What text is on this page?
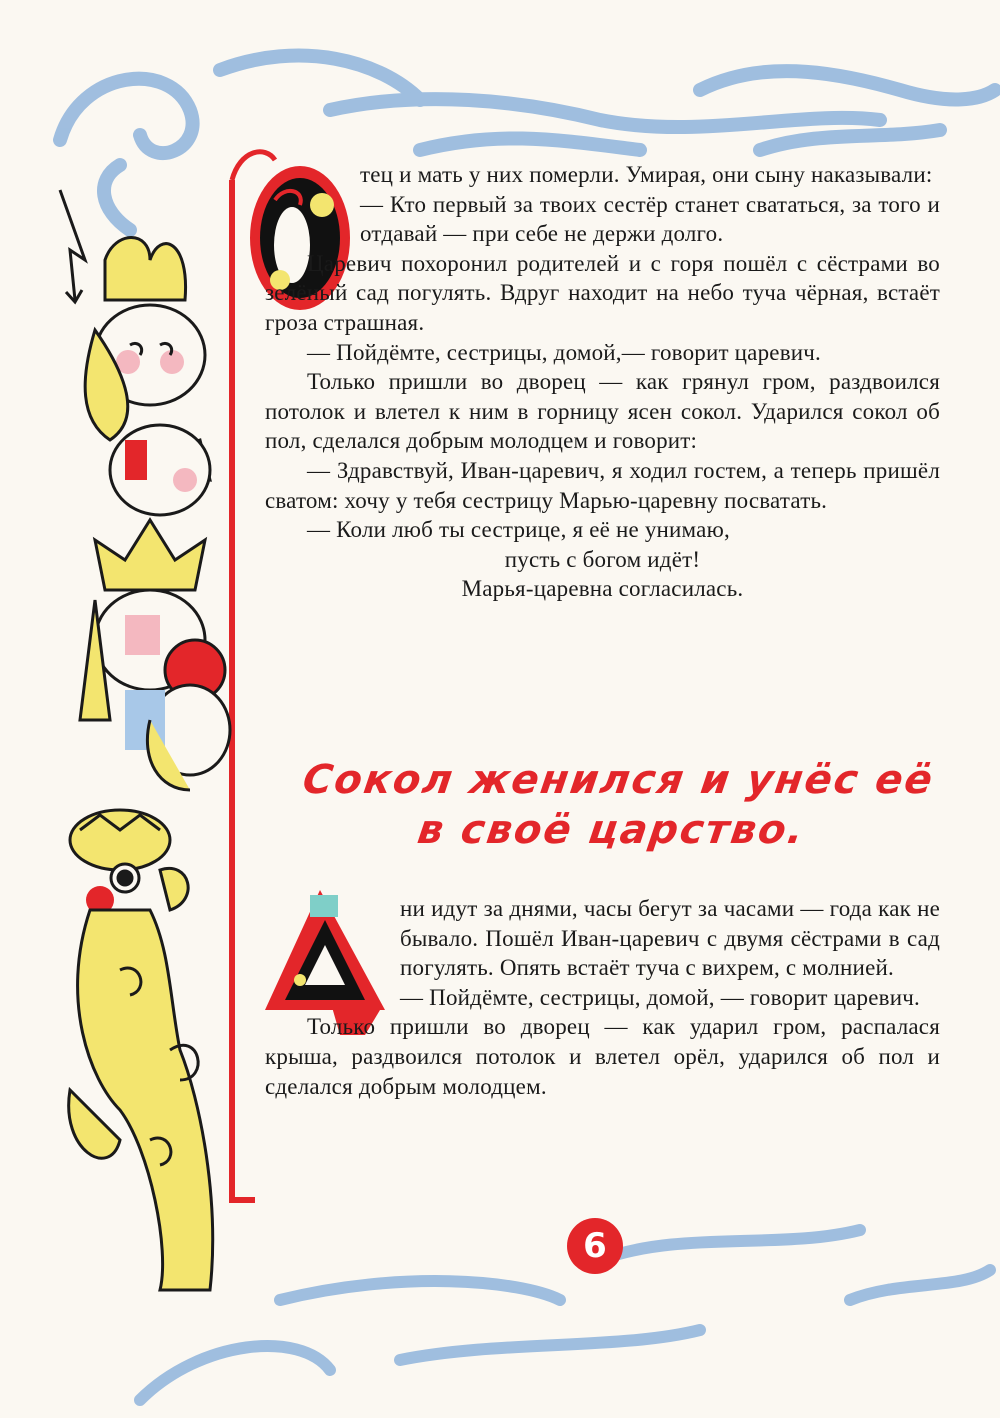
тец и мать у них померли. Умирая, они сыну наказывали:

— Кто первый за твоих сестёр станет свататься, за того и отдавай — при себе не держи долго.

Царевич похоронил родителей и с горя пошёл с сёстрами во зелёный сад погулять. Вдруг находит на небо туча чёрная, встаёт гроза страшная.

— Пойдёмте, сестрицы, домой,— говорит царевич.

Только пришли во дворец — как грянул гром, раздвоился потолок и влетел к ним в горницу ясен сокол. Ударился сокол об пол, сделался добрым молодцем и говорит:

— Здравствуй, Иван-царевич, я ходил гостем, а теперь пришёл сватом: хочу у тебя сестрицу Марью-царевну посватать.

— Коли люб ты сестрице, я её не унимаю,

пусть с богом идёт!

Марья-царевна согласилась.

Сокол женился и унёс её
в своё царство.

ни идут за днями, часы бегут за часами — года как не бывало. Пошёл Иван-царевич с двумя сёстрами в сад погулять. Опять встаёт туча с вихрем, с молнией.

— Пойдёмте, сестрицы, домой, — говорит царевич.

Только пришли во дворец — как ударил гром, распалася крыша, раздвоился потолок и влетел орёл, ударился об пол и сделался добрым молодцем.

6
